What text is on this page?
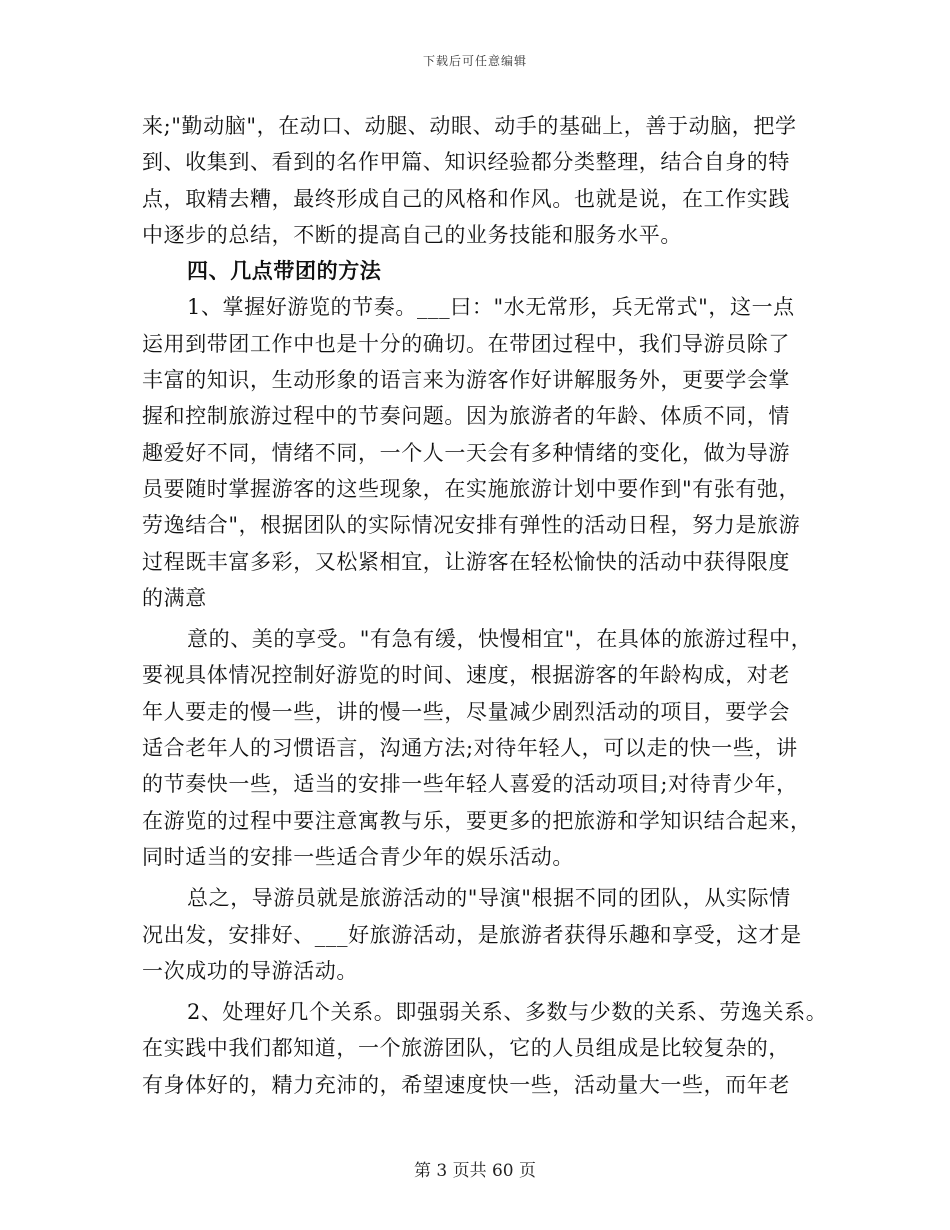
下载后可任意编辑
来;"勤动脑"，在动口、动腿、动眼、动手的基础上，善于动脑，把学
到、收集到、看到的名作甲篇、知识经验都分类整理，结合自身的特
点，取精去糟，最终形成自己的风格和作风。也就是说，在工作实践
中逐步的总结，不断的提高自己的业务技能和服务水平。
四、几点带团的方法
1、掌握好游览的节奏。___曰："水无常形，兵无常式"，这一点
运用到带团工作中也是十分的确切。在带团过程中，我们导游员除了
丰富的知识，生动形象的语言来为游客作好讲解服务外，更要学会掌
握和控制旅游过程中的节奏问题。因为旅游者的年龄、体质不同，情
趣爱好不同，情绪不同，一个人一天会有多种情绪的变化，做为导游
员要随时掌握游客的这些现象，在实施旅游计划中要作到"有张有弛，
劳逸结合"，根据团队的实际情况安排有弹性的活动日程，努力是旅游
过程既丰富多彩，又松紧相宜，让游客在轻松愉快的活动中获得限度
的满意
意的、美的享受。"有急有缓，快慢相宜"，在具体的旅游过程中，
要视具体情况控制好游览的时间、速度，根据游客的年龄构成，对老
年人要走的慢一些，讲的慢一些，尽量减少剧烈活动的项目，要学会
适合老年人的习惯语言，沟通方法;对待年轻人，可以走的快一些，讲
的节奏快一些，适当的安排一些年轻人喜爱的活动项目;对待青少年，
在游览的过程中要注意寓教与乐，要更多的把旅游和学知识结合起来，
同时适当的安排一些适合青少年的娱乐活动。
总之，导游员就是旅游活动的"导演"根据不同的团队，从实际情
况出发，安排好、___好旅游活动，是旅游者获得乐趣和享受，这才是
一次成功的导游活动。
2、处理好几个关系。即强弱关系、多数与少数的关系、劳逸关系。
在实践中我们都知道，一个旅游团队，它的人员组成是比较复杂的，
有身体好的，精力充沛的，希望速度快一些，活动量大一些，而年老
第 3 页共 60 页
